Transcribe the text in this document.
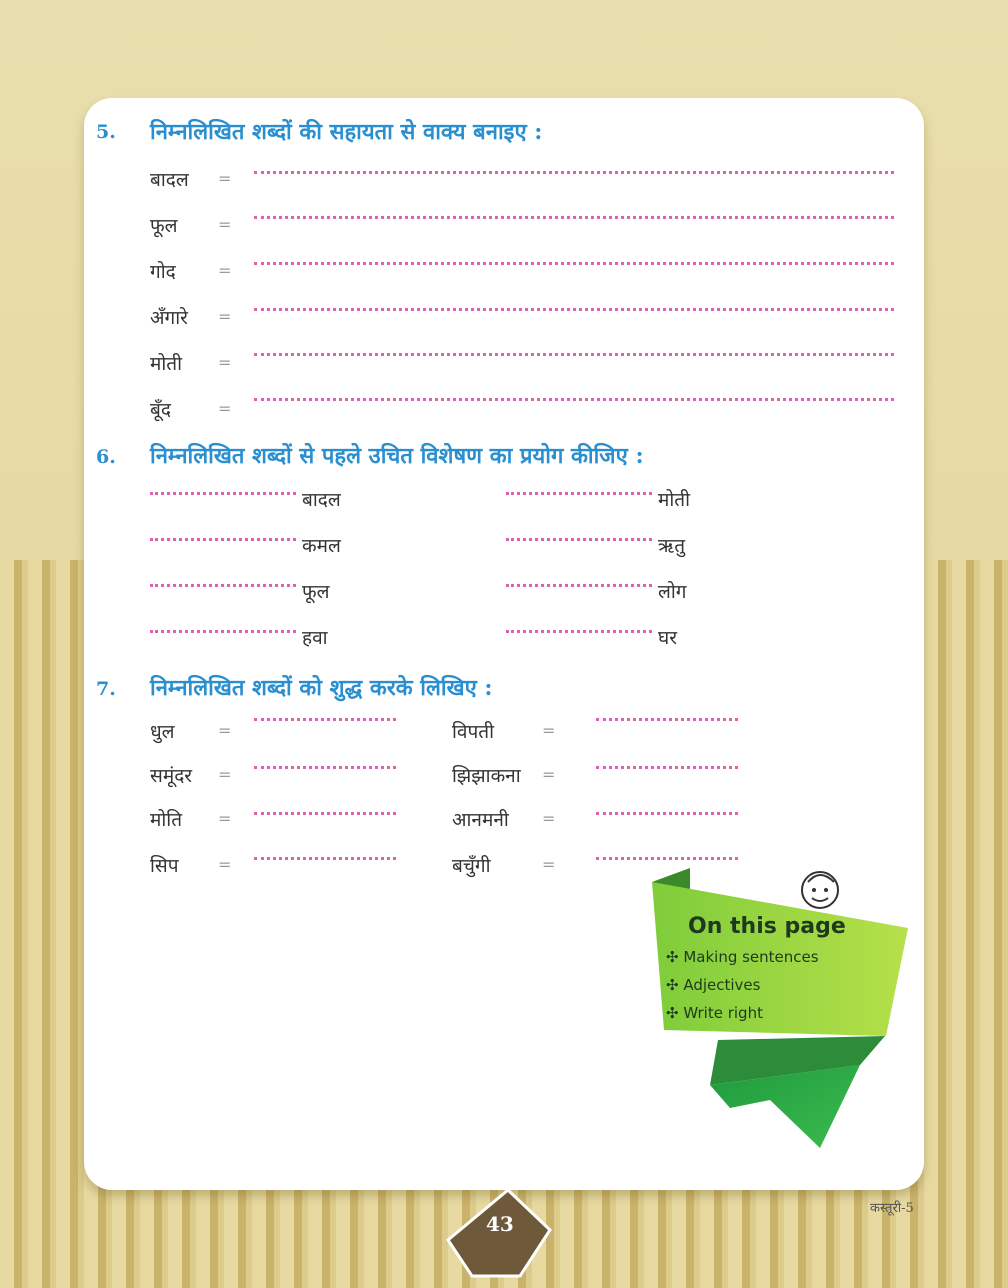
5. निम्नलिखित शब्दों की सहायता से वाक्य बनाइए :
बादल =
फूल	=
गोद	=
अँगारे =
मोती =
बूँद	=
6. निम्नलिखित शब्दों से पहले उचित विशेषण का प्रयोग कीजिए :
बादल	मोती
कमल	ऋतु
फूल	लोग
हवा	घर
7. निम्नलिखित शब्दों को शुद्ध करके लिखिए :
धुल	=	विपती	=
समूंदर =	झिझाकना =
मोति =	आनमनी =
सिप =	बचुँगी	=
On this page
✣ Making sentences
✣ Adjectives
✣ Write right
43
कस्तूरी-5
